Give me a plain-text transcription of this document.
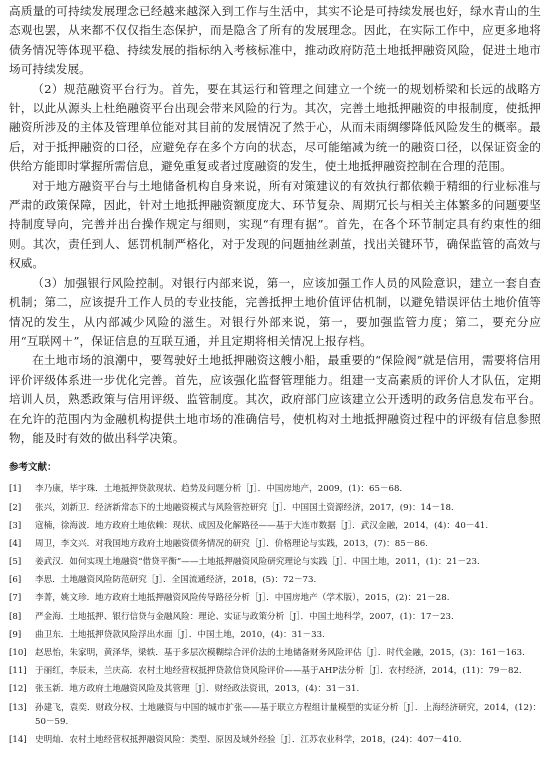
高质量的可持续发展理念已经越来越深入到工作与生活中，其实不论是可持续发展也好，绿水青山的生态观也罢，从来都不仅仅指生态保护，而是隐含了所有的发展理念。因此，在实际工作中，应更多地将债务情况等体现平稳、持续发展的指标纳入考核标准中，推动政府防范土地抵押融资风险，促进土地市场可持续发展。

（2）规范融资平台行为。首先，要在其运行和管理之间建立一个统一的规划桥梁和长远的战略方针，以此从源头上杜绝融资平台出现会带来风险的行为。其次，完善土地抵押融资的申报制度，使抵押融资所涉及的主体及管理单位能对其目前的发展情况了然于心，从而未雨绸缪降低风险发生的概率。最后，对于抵押融资的口径，应避免存在多个方向的状态，尽可能缩减为统一的融资口径，以保证资金的供给方能即时掌握所需信息，避免重复或者过度融资的发生，使土地抵押融资控制在合理的范围。

对于地方融资平台与土地储备机构自身来说，所有对策建议的有效执行都依赖于精细的行业标准与严肃的政策保障，因此，针对土地抵押融资额度庞大、环节复杂、周期冗长与相关主体繁多的问题要坚持制度导向，完善并出台操作规定与细则，实现“有理有据”。首先，在各个环节制定具有约束性的细则。其次，责任到人、惩罚机制严格化，对于发现的问题抽丝剥茧，找出关键环节，确保监管的高效与权威。

（3）加强银行风险控制。对银行内部来说，第一，应该加强工作人员的风险意识，建立一套自查机制；第二，应该提升工作人员的专业技能，完善抵押土地价值评估机制，以避免错误评估土地价值等情况的发生，从内部减少风险的滋生。对银行外部来说，第一，要加强监管力度；第二，要充分应用“互联网＋”，保证信息的互联互通，并且定期将相关情况上报存档。

在土地市场的浪潮中，要驾驶好土地抵押融资这艘小船，最重要的“保险阀”就是信用，需要将信用评价评级体系进一步优化完善。首先，应该强化监督管理能力。组建一支高素质的评价人才队伍，定期培训人员，熟悉政策与信用评级、监管制度。其次，政府部门应该建立公开透明的政务信息发布平台。在允许的范围内为金融机构提供土地市场的准确信号，使机构对土地抵押融资过程中的评级有信息参照物，能及时有效的做出科学决策。

参考文献：
[1] 李乃康，毕宇珠．土地抵押贷款现状、趋势及问题分析［J］．中国房地产，2009，(1)：65－68.
[2] 张兴，刘新卫．经济新常态下的土地融资模式与风险管控研究［J］．中国国土资源经济，2017，(9)：14－18.
[3] 寇楠，徐海波．地方政府土地依赖：现状、成因及化解路径——基于大连市数据［J］．武汉金融，2014，(4)：40－41.
[4] 周卫，李文兴．对我国地方政府土地融资债务情况的研究［J］．价格理论与实践，2013，(7)：85－86.
[5] 姜武汉．如何实现土地融资“借贷平衡”——土地抵押融资风险研究理论与实践［J］．中国土地，2011，(1)：21－23.
[6] 李思．土地融资风险防范研究［J］．全国流通经济，2018，(5)：72－73.
[7] 李菁，姚文珍．地方政府土地抵押融资风险传导路径分析［J］．中国房地产（学术版），2015，(2)：21－28.
[8] 严金海．土地抵押、银行信贷与金融风险：理论、实证与政策分析［J］．中国土地科学，2007，(1)：17－23.
[9] 曲卫东．土地抵押贷款风险浮出水面［J］．中国土地，2010，(4)：31－33.
[10] 赵思怡，朱家明，黄泽华，梁轶．基于多层次模糊综合评价法的土地储备财务风险评估［J］．时代金融，2015，(3)：161－163.
[11] 于丽红，李辰未，兰庆高．农村土地经营权抵押贷款信贷风险评价——基于AHP法分析［J］．农村经济，2014，(11)：79－82.
[12] 张玉新．地方政府土地融资风险及其管理［J］．财经政法资讯，2013，(4)：31－31.
[13] 孙建飞，袁奕．财政分权、土地融资与中国的城市扩张——基于联立方程组计量模型的实证分析［J］．上海经济研究，2014，(12)：50－59.
[14] 史明灿．农村土地经营权抵押融资风险：类型、原因及域外经验［J］．江苏农业科学，2018，(24)：407－410.
